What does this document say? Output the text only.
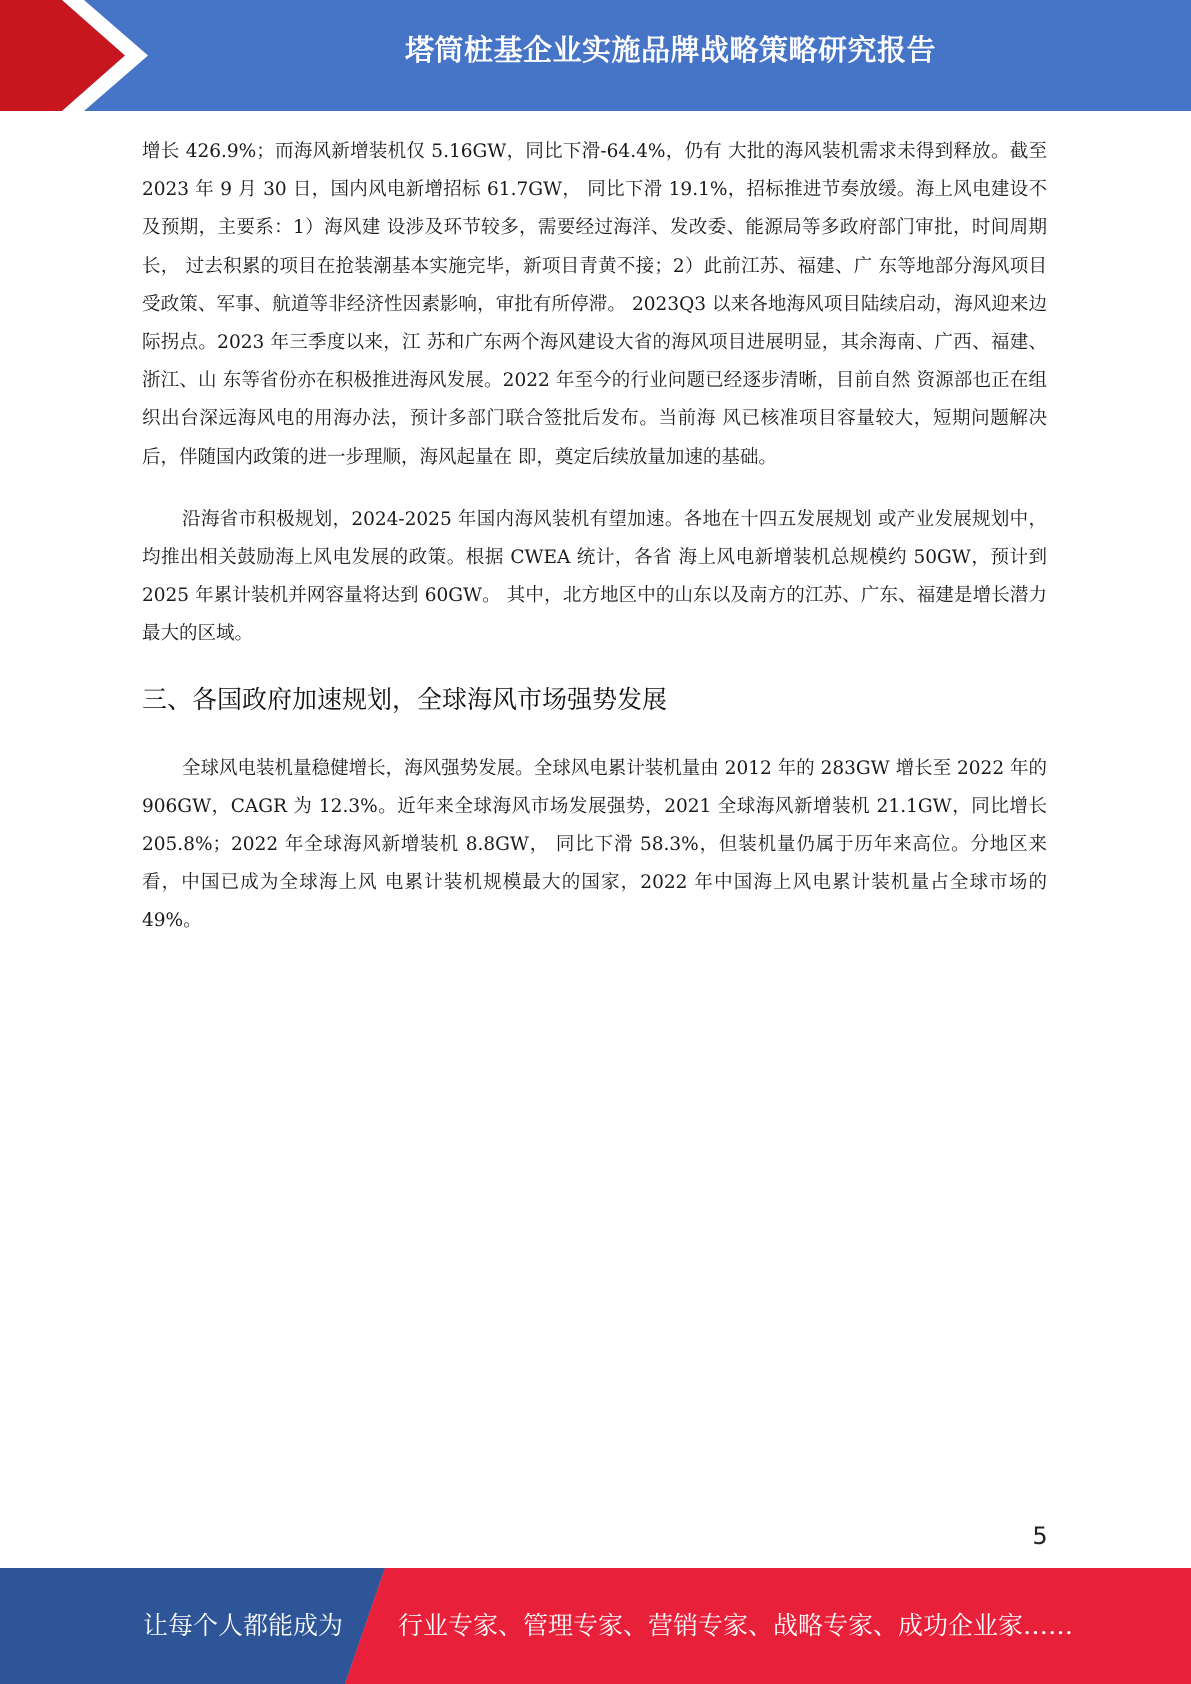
塔筒桩基企业实施品牌战略策略研究报告

增长 426.9%；而海风新增装机仅 5.16GW，同比下滑-64.4%，仍有 大批的海风装机需求未得到释放。截至 2023 年 9 月 30 日，国内风电新增招标 61.7GW， 同比下滑 19.1%，招标推进节奏放缓。海上风电建设不及预期，主要系：1）海风建 设涉及环节较多，需要经过海洋、发改委、能源局等多政府部门审批，时间周期长， 过去积累的项目在抢装潮基本实施完毕，新项目青黄不接；2）此前江苏、福建、广 东等地部分海风项目受政策、军事、航道等非经济性因素影响，审批有所停滞。 2023Q3 以来各地海风项目陆续启动，海风迎来边际拐点。2023 年三季度以来，江 苏和广东两个海风建设大省的海风项目进展明显，其余海南、广西、福建、浙江、山 东等省份亦在积极推进海风发展。2022 年至今的行业问题已经逐步清晰，目前自然 资源部也正在组织出台深远海风电的用海办法，预计多部门联合签批后发布。当前海 风已核准项目容量较大，短期问题解决后，伴随国内政策的进一步理顺，海风起量在 即，奠定后续放量加速的基础。

沿海省市积极规划，2024-2025 年国内海风装机有望加速。各地在十四五发展规划 或产业发展规划中，均推出相关鼓励海上风电发展的政策。根据 CWEA 统计，各省 海上风电新增装机总规模约 50GW，预计到 2025 年累计装机并网容量将达到 60GW。 其中，北方地区中的山东以及南方的江苏、广东、福建是增长潜力最大的区域。

三、各国政府加速规划，全球海风市场强势发展

全球风电装机量稳健增长，海风强势发展。全球风电累计装机量由 2012 年的 283GW 增长至 2022 年的 906GW，CAGR 为 12.3%。近年来全球海风市场发展强势，2021 全球海风新增装机 21.1GW，同比增长 205.8%；2022 年全球海风新增装机 8.8GW， 同比下滑 58.3%，但装机量仍属于历年来高位。分地区来看，中国已成为全球海上风 电累计装机规模最大的国家，2022 年中国海上风电累计装机量占全球市场的 49%。

5
让每个人都能成为 行业专家、管理专家、营销专家、战略专家、成功企业家……
